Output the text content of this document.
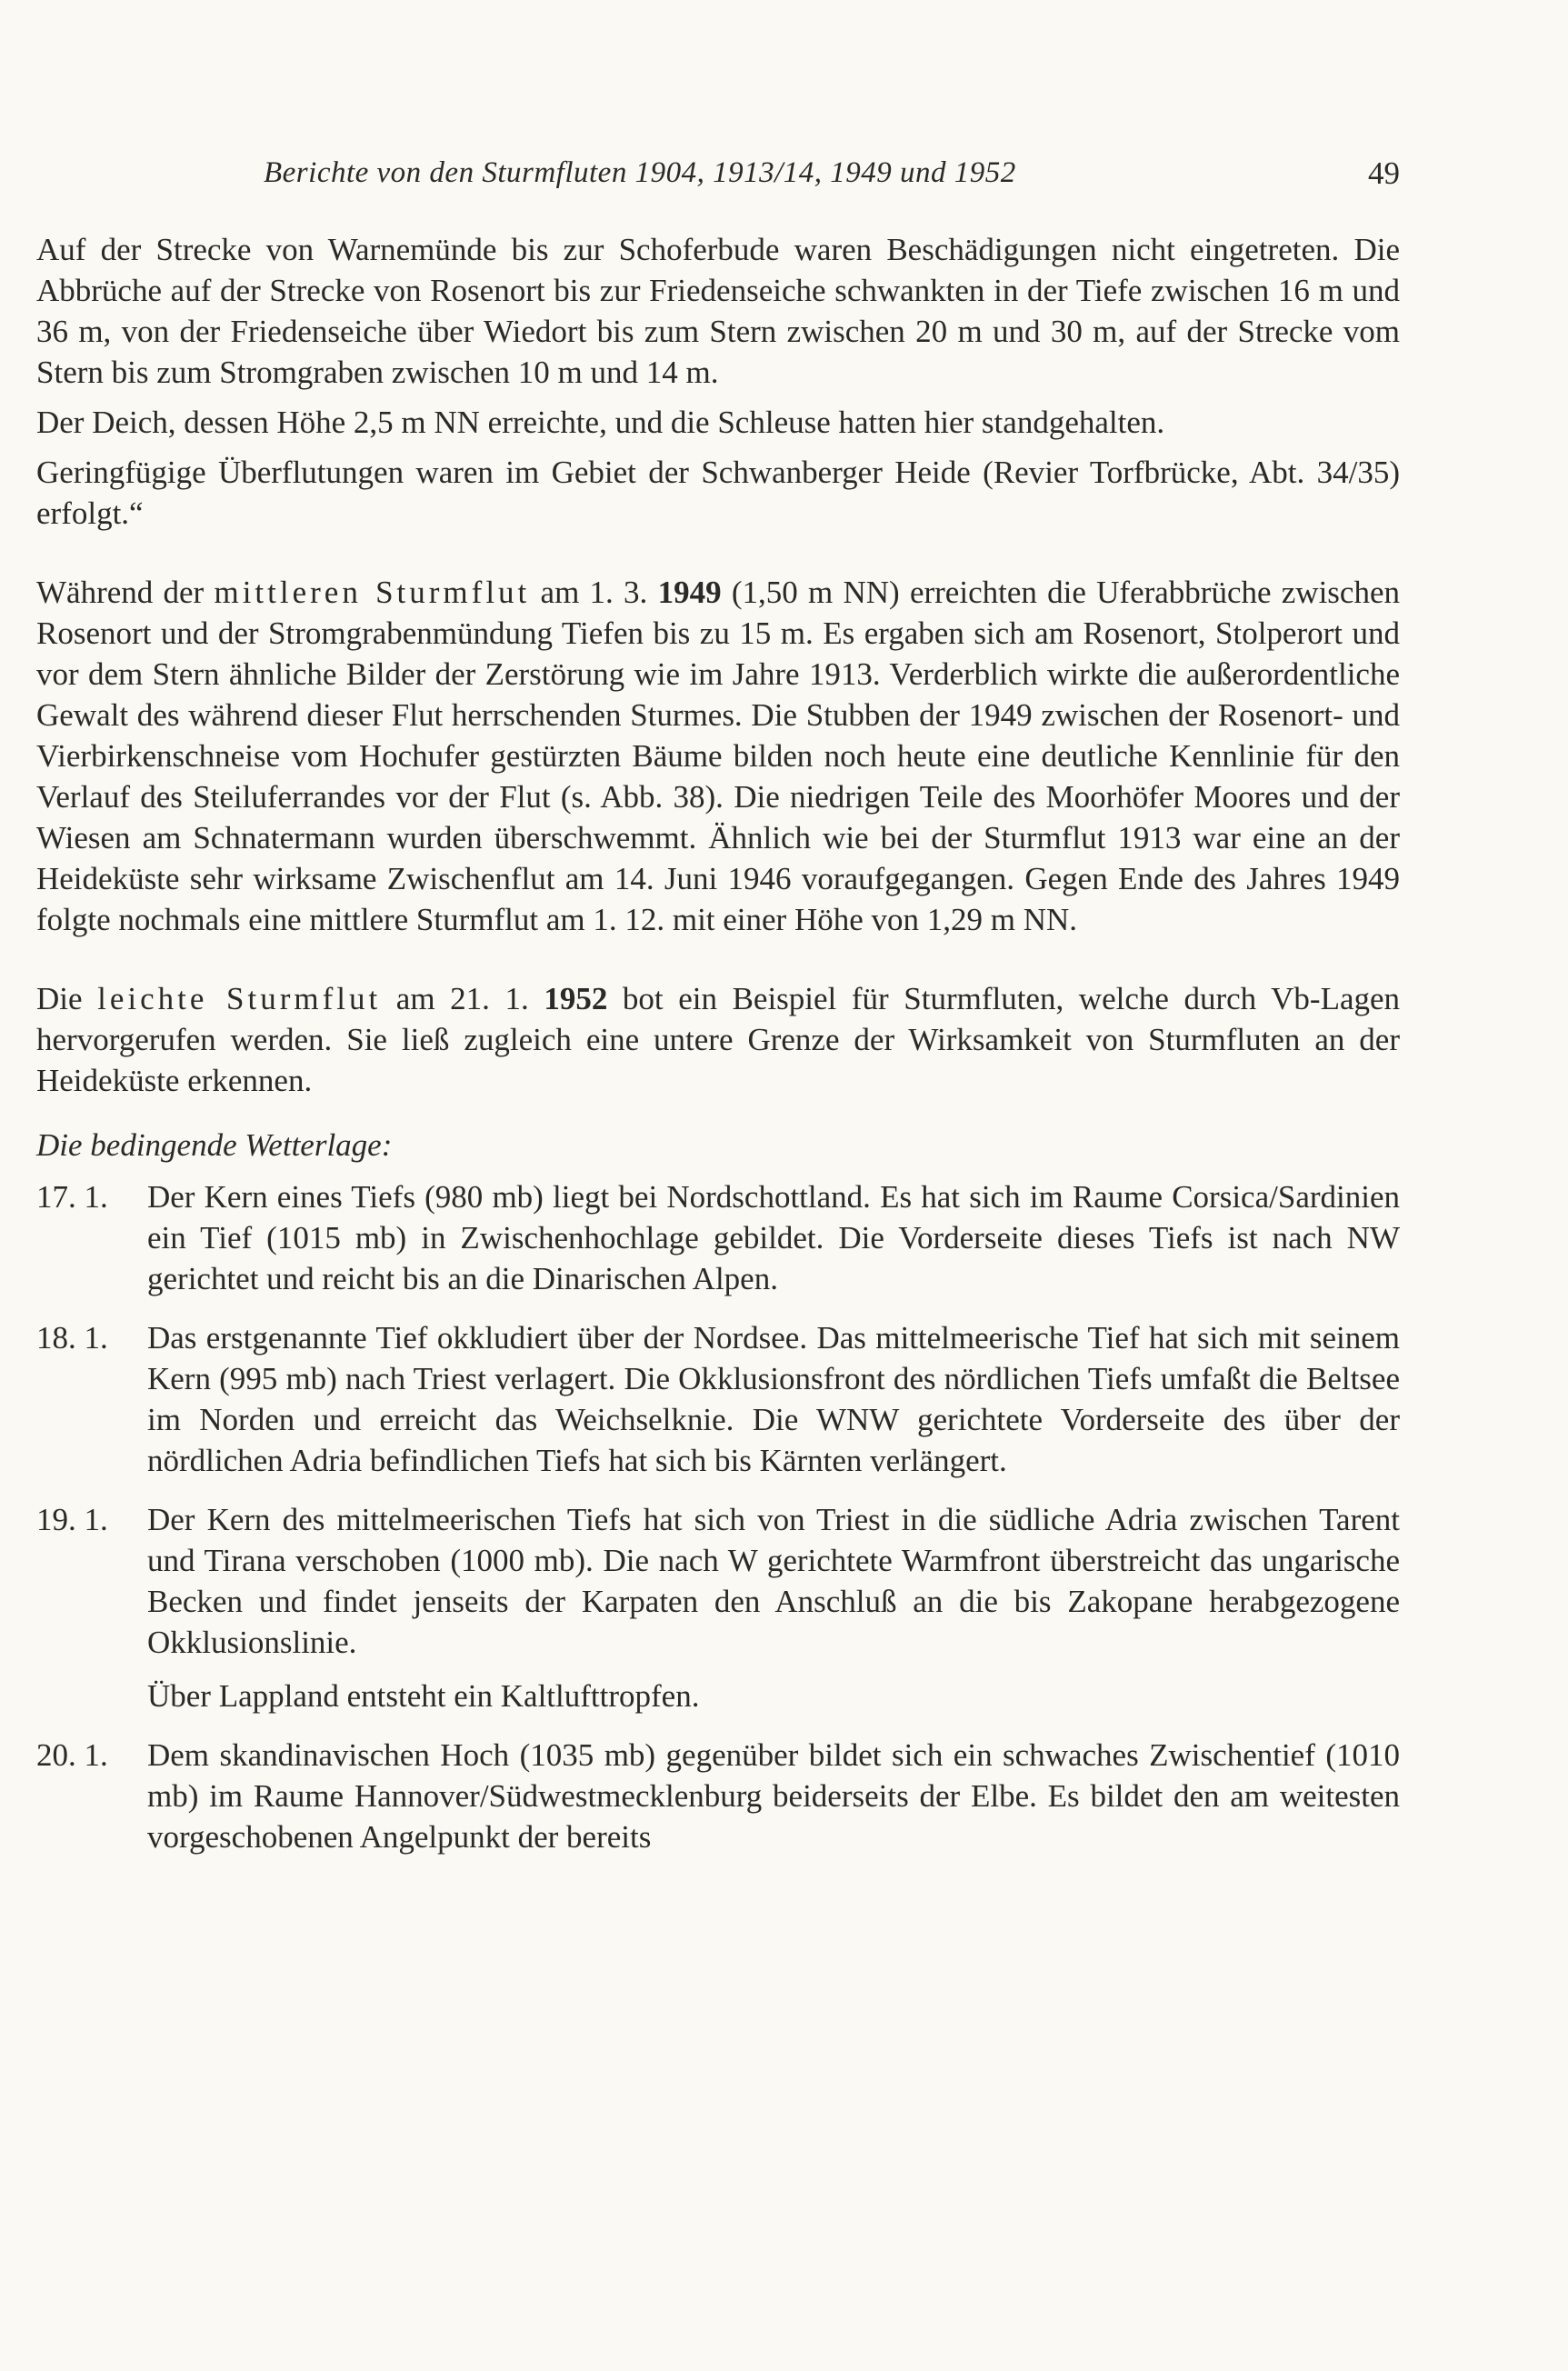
Berichte von den Sturmfluten 1904, 1913/14, 1949 und 1952	49

Auf der Strecke von Warnemünde bis zur Schoferbude waren Beschädigungen nicht eingetreten. Die Abbrüche auf der Strecke von Rosenort bis zur Friedenseiche schwankten in der Tiefe zwischen 16 m und 36 m, von der Friedenseiche über Wiedort bis zum Stern zwischen 20 m und 30 m, auf der Strecke vom Stern bis zum Stromgraben zwischen 10 m und 14 m.

Der Deich, dessen Höhe 2,5 m NN erreichte, und die Schleuse hatten hier standgehalten.

Geringfügige Überflutungen waren im Gebiet der Schwanberger Heide (Revier Torfbrücke, Abt. 34/35) erfolgt.“

Während der mittleren Sturmflut am 1. 3. 1949 (1,50 m NN) erreichten die Uferabbrüche zwischen Rosenort und der Stromgrabenmündung Tiefen bis zu 15 m. Es ergaben sich am Rosenort, Stolperort und vor dem Stern ähnliche Bilder der Zerstörung wie im Jahre 1913. Verderblich wirkte die außerordentliche Gewalt des während dieser Flut herrschenden Sturmes. Die Stubben der 1949 zwischen der Rosenort- und Vierbirkenschneise vom Hochufer gestürzten Bäume bilden noch heute eine deutliche Kennlinie für den Verlauf des Steiluferrandes vor der Flut (s. Abb. 38). Die niedrigen Teile des Moorhöfer Moores und der Wiesen am Schnatermann wurden überschwemmt. Ähnlich wie bei der Sturmflut 1913 war eine an der Heideküste sehr wirksame Zwischenflut am 14. Juni 1946 voraufgegangen. Gegen Ende des Jahres 1949 folgte nochmals eine mittlere Sturmflut am 1. 12. mit einer Höhe von 1,29 m NN.

Die leichte Sturmflut am 21. 1. 1952 bot ein Beispiel für Sturmfluten, welche durch Vb-Lagen hervorgerufen werden. Sie ließ zugleich eine untere Grenze der Wirksamkeit von Sturmfluten an der Heideküste erkennen.

Die bedingende Wetterlage:

17. 1.	Der Kern eines Tiefs (980 mb) liegt bei Nordschottland. Es hat sich im Raume Corsica/Sardinien ein Tief (1015 mb) in Zwischenhochlage gebildet. Die Vorderseite dieses Tiefs ist nach NW gerichtet und reicht bis an die Dinarischen Alpen.
18. 1.	Das erstgenannte Tief okkludiert über der Nordsee. Das mittelmeerische Tief hat sich mit seinem Kern (995 mb) nach Triest verlagert. Die Okklusionsfront des nördlichen Tiefs umfaßt die Beltsee im Norden und erreicht das Weichselknie. Die WNW gerichtete Vorderseite des über der nördlichen Adria befindlichen Tiefs hat sich bis Kärnten verlängert.
19. 1.	Der Kern des mittelmeerischen Tiefs hat sich von Triest in die südliche Adria zwischen Tarent und Tirana verschoben (1000 mb). Die nach W gerichtete Warmfront überstreicht das ungarische Becken und findet jenseits der Karpaten den Anschluß an die bis Zakopane herabgezogene Okklusionslinie.
Über Lappland entsteht ein Kaltlufttropfen.
20. 1.	Dem skandinavischen Hoch (1035 mb) gegenüber bildet sich ein schwaches Zwischentief (1010 mb) im Raume Hannover/Südwestmecklenburg beiderseits der Elbe. Es bildet den am weitesten vorgeschobenen Angelpunkt der bereits
